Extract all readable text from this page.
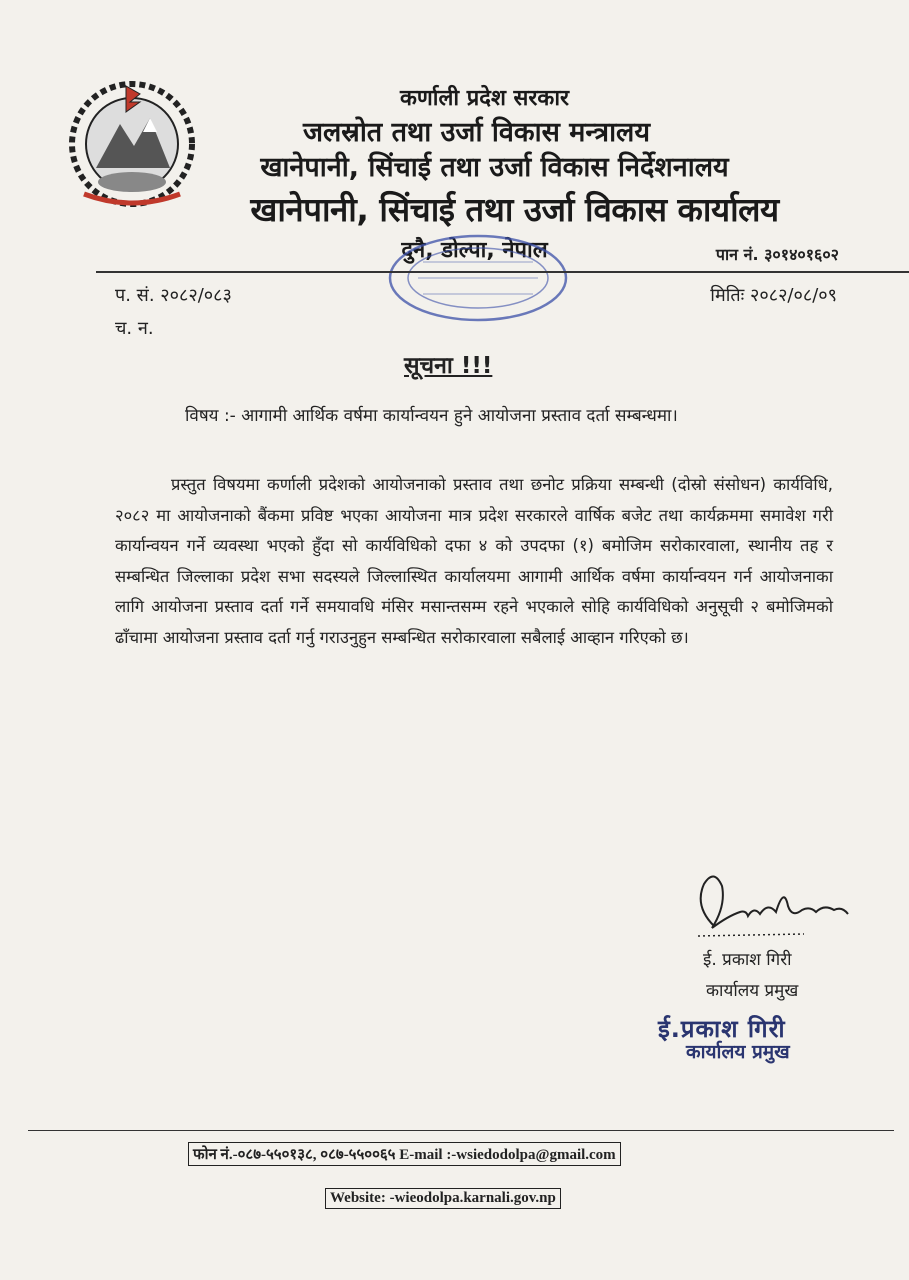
कर्णाली प्रदेश सरकार
जलस्रोत तथा उर्जा विकास मन्त्रालय
खानेपानी, सिंचाई तथा उर्जा विकास निर्देशनालय
खानेपानी, सिंचाई तथा उर्जा विकास कार्यालय
दुनै, डोल्पा, नेपाल	पान नं. ३०१४०१६०२
प. सं. २०८२/०८३
च. न.
मितिः २०८२/०८/०९
सूचना !!!
विषय :- आगामी आर्थिक वर्षमा कार्यान्वयन हुने आयोजना प्रस्ताव दर्ता सम्बन्धमा।
प्रस्तुत विषयमा कर्णाली प्रदेशको आयोजनाको प्रस्ताव तथा छनोट प्रक्रिया सम्बन्धी (दोस्रो संसोधन) कार्यविधि, २०८२ मा आयोजनाको बैंकमा प्रविष्ट भएका आयोजना मात्र प्रदेश सरकारले वार्षिक बजेट तथा कार्यक्रममा समावेश गरी कार्यान्वयन गर्ने व्यवस्था भएको हुँदा सो कार्यविधिको दफा ४ को उपदफा (१) बमोजिम सरोकारवाला, स्थानीय तह र सम्बन्धित जिल्लाका प्रदेश सभा सदस्यले जिल्लास्थित कार्यालयमा आगामी आर्थिक वर्षमा कार्यान्वयन गर्न आयोजनाका लागि आयोजना प्रस्ताव दर्ता गर्ने समयावधि मंसिर मसान्तसम्म रहने भएकाले सोहि कार्यविधिको अनुसूची २ बमोजिमको ढाँचामा आयोजना प्रस्ताव दर्ता गर्नु गराउनुहुन सम्बन्धित सरोकारवाला सबैलाई आव्हान गरिएको छ।
ई. प्रकाश गिरी
कार्यालय प्रमुख
ई.प्रकाश गिरी
कार्यालय प्रमुख
फोन नं.-०८७-५५०१३८, ०८७-५५००६५ E-mail :-wsiedodolpa@gmail.com
Website: -wieodolpa.karnali.gov.np
